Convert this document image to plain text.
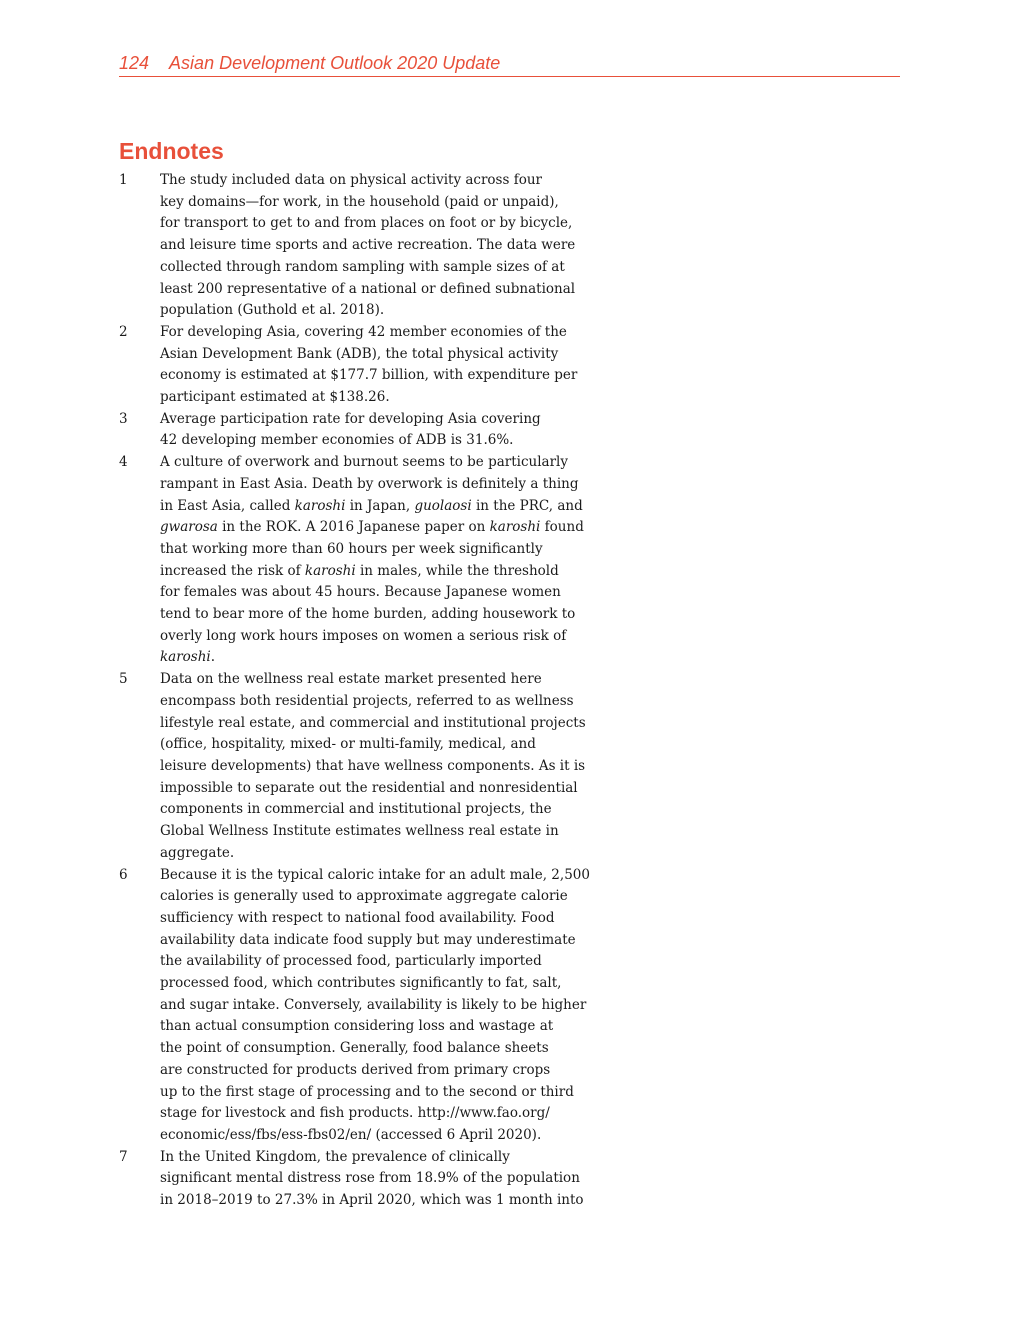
124 Asian Development Outlook 2020 Update
Endnotes
1 The study included data on physical activity across four
key domains—for work, in the household (paid or unpaid),
for transport to get to and from places on foot or by bicycle,
and leisure time sports and active recreation. The data were
collected through random sampling with sample sizes of at
least 200 representative of a national or defined subnational
population (Guthold et al. 2018).
2 For developing Asia, covering 42 member economies of the
Asian Development Bank (ADB), the total physical activity
economy is estimated at $177.7 billion, with expenditure per
participant estimated at $138.26.
3 Average participation rate for developing Asia covering
42 developing member economies of ADB is 31.6%.
4 A culture of overwork and burnout seems to be particularly
rampant in East Asia. Death by overwork is definitely a thing
in East Asia, called karoshi in Japan, guolaosi in the PRC, and
gwarosa in the ROK. A 2016 Japanese paper on karoshi found
that working more than 60 hours per week significantly
increased the risk of karoshi in males, while the threshold
for females was about 45 hours. Because Japanese women
tend to bear more of the home burden, adding housework to
overly long work hours imposes on women a serious risk of
karoshi.
5 Data on the wellness real estate market presented here
encompass both residential projects, referred to as wellness
lifestyle real estate, and commercial and institutional projects
(office, hospitality, mixed- or multi-family, medical, and
leisure developments) that have wellness components. As it is
impossible to separate out the residential and nonresidential
components in commercial and institutional projects, the
Global Wellness Institute estimates wellness real estate in
aggregate.
6 Because it is the typical caloric intake for an adult male, 2,500
calories is generally used to approximate aggregate calorie
sufficiency with respect to national food availability. Food
availability data indicate food supply but may underestimate
the availability of processed food, particularly imported
processed food, which contributes significantly to fat, salt,
and sugar intake. Conversely, availability is likely to be higher
than actual consumption considering loss and wastage at
the point of consumption. Generally, food balance sheets
are constructed for products derived from primary crops
up to the first stage of processing and to the second or third
stage for livestock and fish products. http://www.fao.org/
economic/ess/fbs/ess-fbs02/en/ (accessed 6 April 2020).
7 In the United Kingdom, the prevalence of clinically
significant mental distress rose from 18.9% of the population
in 2018–2019 to 27.3% in April 2020, which was 1 month into
